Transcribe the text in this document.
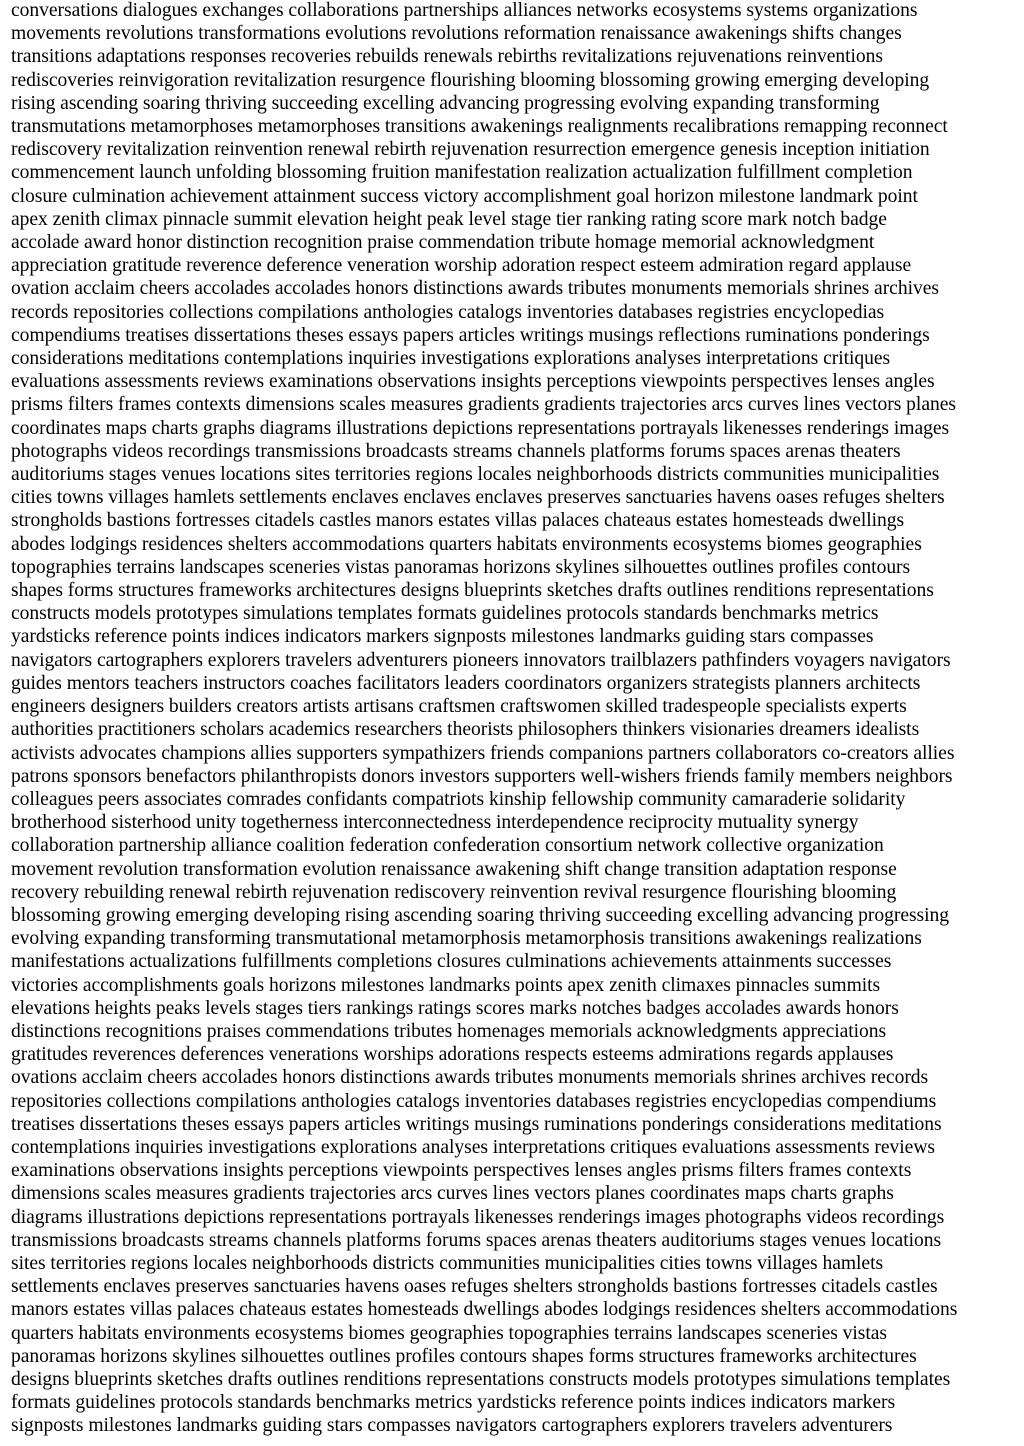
conversations dialogues exchanges collaborations partnerships alliances networks ecosystems systems organizations
movements revolutions transformations evolutions revolutions reformation renaissance awakenings shifts changes
transitions adaptations responses recoveries rebuilds renewals rebirths revitalizations rejuvenations reinventions
rediscoveries reinvigoration revitalization resurgence flourishing blooming blossoming growing emerging developing
rising ascending soaring thriving succeeding excelling advancing progressing evolving expanding transforming
transmutations metamorphoses metamorphoses transitions awakenings realignments recalibrations remapping reconnect
rediscovery revitalization reinvention renewal rebirth rejuvenation resurrection emergence genesis inception initiation
commencement launch unfolding blossoming fruition manifestation realization actualization fulfillment completion
closure culmination achievement attainment success victory accomplishment goal horizon milestone landmark point
apex zenith climax pinnacle summit elevation height peak level stage tier ranking rating score mark notch badge
accolade award honor distinction recognition praise commendation tribute homage memorial acknowledgment
appreciation gratitude reverence deference veneration worship adoration respect esteem admiration regard applause
ovation acclaim cheers accolades accolades honors distinctions awards tributes monuments memorials shrines archives
records repositories collections compilations anthologies catalogs inventories databases registries encyclopedias
compendiums treatises dissertations theses essays papers articles writings musings reflections ruminations ponderings
considerations meditations contemplations inquiries investigations explorations analyses interpretations critiques
evaluations assessments reviews examinations observations insights perceptions viewpoints perspectives lenses angles
prisms filters frames contexts dimensions scales measures gradients gradients trajectories arcs curves lines vectors planes
coordinates maps charts graphs diagrams illustrations depictions representations portrayals likenesses renderings images
photographs videos recordings transmissions broadcasts streams channels platforms forums spaces arenas theaters
auditoriums stages venues locations sites territories regions locales neighborhoods districts communities municipalities
cities towns villages hamlets settlements enclaves enclaves enclaves preserves sanctuaries havens oases refuges shelters
strongholds bastions fortresses citadels castles manors estates villas palaces chateaus estates homesteads dwellings
abodes lodgings residences shelters accommodations quarters habitats environments ecosystems biomes geographies
topographies terrains landscapes sceneries vistas panoramas horizons skylines silhouettes outlines profiles contours
shapes forms structures frameworks architectures designs blueprints sketches drafts outlines renditions representations
constructs models prototypes simulations templates formats guidelines protocols standards benchmarks metrics
yardsticks reference points indices indicators markers signposts milestones landmarks guiding stars compasses
navigators cartographers explorers travelers adventurers pioneers innovators trailblazers pathfinders voyagers navigators
guides mentors teachers instructors coaches facilitators leaders coordinators organizers strategists planners architects
engineers designers builders creators artists artisans craftsmen craftswomen skilled tradespeople specialists experts
authorities practitioners scholars academics researchers theorists philosophers thinkers visionaries dreamers idealists
activists advocates champions allies supporters sympathizers friends companions partners collaborators co-creators allies
patrons sponsors benefactors philanthropists donors investors supporters well-wishers friends family members neighbors
colleagues peers associates comrades confidants compatriots kinship fellowship community camaraderie solidarity
brotherhood sisterhood unity togetherness interconnectedness interdependence reciprocity mutuality synergy
collaboration partnership alliance coalition federation confederation consortium network collective organization
movement revolution transformation evolution renaissance awakening shift change transition adaptation response
recovery rebuilding renewal rebirth rejuvenation rediscovery reinvention revival resurgence flourishing blooming
blossoming growing emerging developing rising ascending soaring thriving succeeding excelling advancing progressing
evolving expanding transforming transmutational metamorphosis metamorphosis transitions awakenings realizations
manifestations actualizations fulfillments completions closures culminations achievements attainments successes
victories accomplishments goals horizons milestones landmarks points apex zenith climaxes pinnacles summits
elevations heights peaks levels stages tiers rankings ratings scores marks notches badges accolades awards honors
distinctions recognitions praises commendations tributes homenages memorials acknowledgments appreciations
gratitudes reverences deferences venerations worships adorations respects esteems admirations regards applauses
ovations acclaim cheers accolades honors distinctions awards tributes monuments memorials shrines archives records
repositories collections compilations anthologies catalogs inventories databases registries encyclopedias compendiums
treatises dissertations theses essays papers articles writings musings ruminations ponderings considerations meditations
contemplations inquiries investigations explorations analyses interpretations critiques evaluations assessments reviews
examinations observations insights perceptions viewpoints perspectives lenses angles prisms filters frames contexts
dimensions scales measures gradients trajectories arcs curves lines vectors planes coordinates maps charts graphs
diagrams illustrations depictions representations portrayals likenesses renderings images photographs videos recordings
transmissions broadcasts streams channels platforms forums spaces arenas theaters auditoriums stages venues locations
sites territories regions locales neighborhoods districts communities municipalities cities towns villages hamlets
settlements enclaves preserves sanctuaries havens oases refuges shelters strongholds bastions fortresses citadels castles
manors estates villas palaces chateaus estates homesteads dwellings abodes lodgings residences shelters accommodations
quarters habitats environments ecosystems biomes geographies topographies terrains landscapes sceneries vistas
panoramas horizons skylines silhouettes outlines profiles contours shapes forms structures frameworks architectures
designs blueprints sketches drafts outlines renditions representations constructs models prototypes simulations templates
formats guidelines protocols standards benchmarks metrics yardsticks reference points indices indicators markers
signposts milestones landmarks guiding stars compasses navigators cartographers explorers travelers adventurers
